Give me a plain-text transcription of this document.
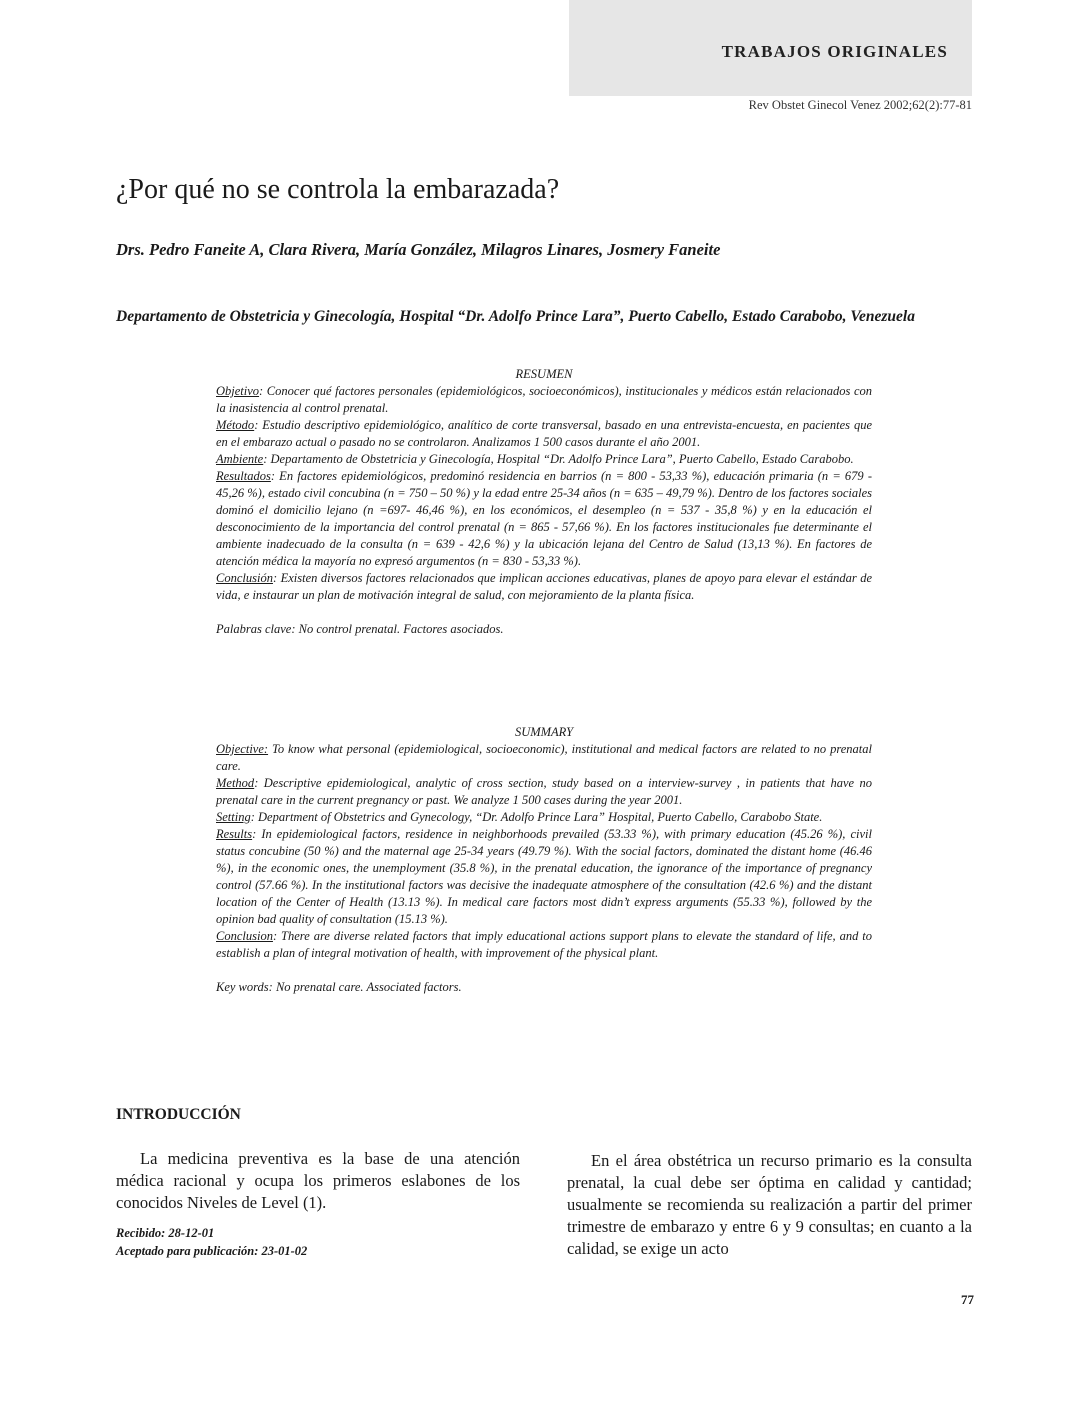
TRABAJOS ORIGINALES
Rev Obstet Ginecol Venez 2002;62(2):77-81
¿Por qué no se controla la embarazada?

Drs. Pedro Faneite A, Clara Rivera, María González, Milagros Linares, Josmery Faneite

Departamento de Obstetricia y Ginecología, Hospital “Dr. Adolfo Prince Lara”, Puerto Cabello, Estado Carabobo, Venezuela

RESUMEN

Objetivo: Conocer qué factores personales (epidemiológicos, socioeconómicos), institucionales y médicos están relacionados con la inasistencia al control prenatal.

Método: Estudio descriptivo epidemiológico, analítico de corte transversal, basado en una entrevista-encuesta, en pacientes que en el embarazo actual o pasado no se controlaron. Analizamos 1 500 casos durante el año 2001.

Ambiente: Departamento de Obstetricia y Ginecología, Hospital “Dr. Adolfo Prince Lara”, Puerto Cabello, Estado Carabobo.

Resultados: En factores epidemiológicos, predominó residencia en barrios (n = 800 - 53,33 %), educación primaria (n = 679 - 45,26 %), estado civil concubina (n = 750 – 50 %) y la edad entre 25-34 años (n = 635 – 49,79 %). Dentro de los factores sociales dominó el domicilio lejano (n =697- 46,46 %), en los económicos, el desempleo (n = 537 - 35,8 %) y en la educación el desconocimiento de la importancia del control prenatal (n = 865 - 57,66 %). En los factores institucionales fue determinante el ambiente inadecuado de la consulta (n = 639 - 42,6 %) y la ubicación lejana del Centro de Salud (13,13 %). En factores de atención médica la mayoría no expresó argumentos (n = 830 - 53,33 %).

Conclusión: Existen diversos factores relacionados que implican acciones educativas, planes de apoyo para elevar el estándar de vida, e instaurar un plan de motivación integral de salud, con mejoramiento de la planta física.

Palabras clave: No control prenatal. Factores asociados.

SUMMARY

Objective: To know what personal (epidemiological, socioeconomic), institutional and medical factors are related to no prenatal care.

Method: Descriptive epidemiological, analytic of cross section, study based on a interview-survey , in patients that have no prenatal care in the current pregnancy or past. We analyze 1 500 cases during the year 2001.

Setting: Department of Obstetrics and Gynecology, “Dr. Adolfo Prince Lara” Hospital, Puerto Cabello, Carabobo State.

Results: In epidemiological factors, residence in neighborhoods prevailed (53.33 %), with primary education (45.26 %), civil status concubine (50 %) and the maternal age 25-34 years (49.79 %). With the social factors, dominated the distant home (46.46 %), in the economic ones, the unemployment (35.8 %), in the prenatal education, the ignorance of the importance of pregnancy control (57.66 %). In the institutional factors was decisive the inadequate atmosphere of the consultation (42.6 %) and the distant location of the Center of Health (13.13 %). In medical care factors most didn’t express arguments (55.33 %), followed by the opinion bad quality of consultation (15.13 %).

Conclusion: There are diverse related factors that imply educational actions support plans to elevate the standard of life, and to establish a plan of integral motivation of health, with improvement of the physical plant.

Key words: No prenatal care. Associated factors.

INTRODUCCIÓN

La medicina preventiva es la base de una atención médica racional y ocupa los primeros eslabones de los conocidos Niveles de Level (1).

Recibido: 28-12-01
Aceptado para publicación: 23-01-02

En el área obstétrica un recurso primario es la consulta prenatal, la cual debe ser óptima en calidad y cantidad; usualmente se recomienda su realización a partir del primer trimestre de embarazo y entre 6 y 9 consultas; en cuanto a la calidad, se exige un acto

77
